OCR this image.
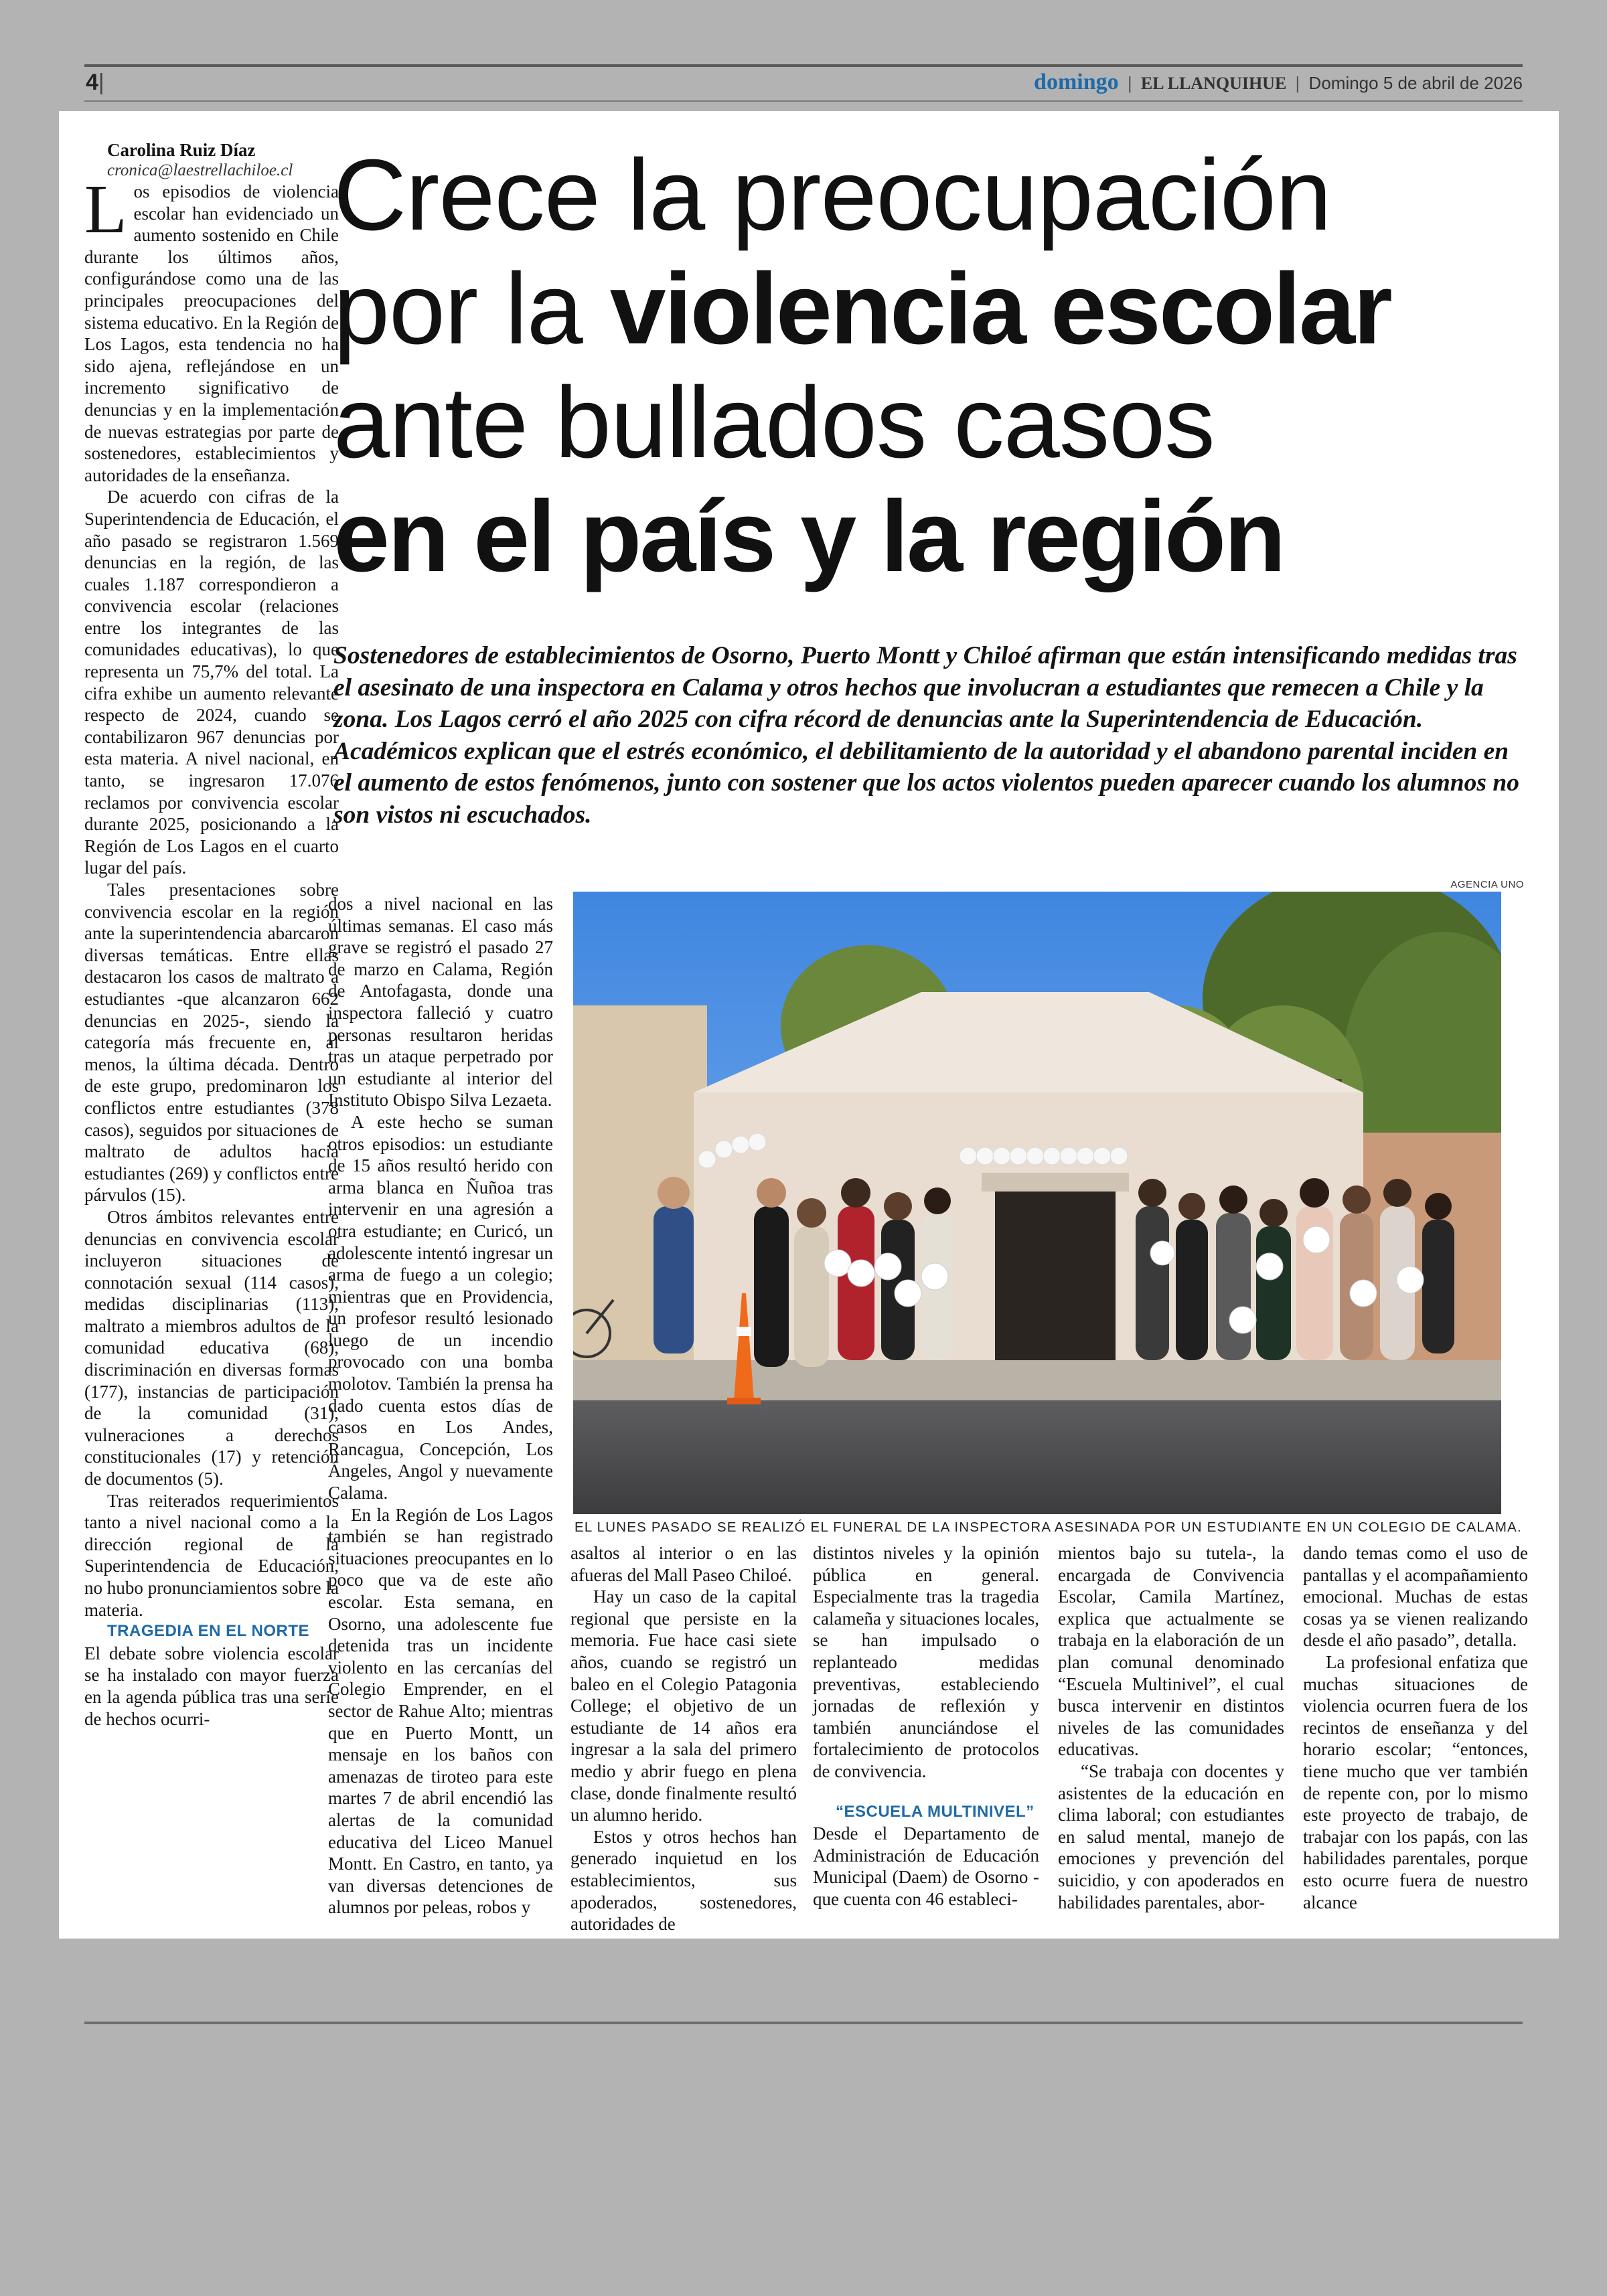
4|	domingo | EL LLANQUIHUE | Domingo 5 de abril de 2026

Carolina Ruiz Díaz

cronica@laestrellachiloe.cl

Los episodios de violencia escolar han evidenciado un aumento sostenido en Chile durante los últimos años, configurándose como una de las principales preocupaciones del sistema educativo. En la Región de Los Lagos, esta tendencia no ha sido ajena, reflejándose en un incremento significativo de denuncias y en la implementación de nuevas estrategias por parte de sostenedores, establecimientos y autoridades de la enseñanza.

De acuerdo con cifras de la Superintendencia de Educación, el año pasado se registraron 1.569 denuncias en la región, de las cuales 1.187 correspondieron a convivencia escolar (relaciones entre los integrantes de las comunidades educativas), lo que representa un 75,7% del total. La cifra exhibe un aumento relevante respecto de 2024, cuando se contabilizaron 967 denuncias por esta materia. A nivel nacional, en tanto, se ingresaron 17.076 reclamos por convivencia escolar durante 2025, posicionando a la Región de Los Lagos en el cuarto lugar del país.

Tales presentaciones sobre convivencia escolar en la región ante la superintendencia abarcaron diversas temáticas. Entre ellas destacaron los casos de maltrato a estudiantes -que alcanzaron 662 denuncias en 2025-, siendo la categoría más frecuente en, al menos, la última década. Dentro de este grupo, predominaron los conflictos entre estudiantes (378 casos), seguidos por situaciones de maltrato de adultos hacia estudiantes (269) y conflictos entre párvulos (15).

Otros ámbitos relevantes entre denuncias en convivencia escolar incluyeron situaciones de connotación sexual (114 casos), medidas disciplinarias (113), maltrato a miembros adultos de la comunidad educativa (68), discriminación en diversas formas (177), instancias de participación de la comunidad (31), vulneraciones a derechos constitucionales (17) y retención de documentos (5).

Tras reiterados requerimientos tanto a nivel nacional como a la dirección regional de la Superintendencia de Educación, no hubo pronunciamientos sobre la materia.

TRAGEDIA EN EL NORTE

El debate sobre violencia escolar se ha instalado con mayor fuerza en la agenda pública tras una serie de hechos ocurri-

Crece la preocupación
por la violencia escolar
ante bullados casos
en el país y la región
Sostenedores de establecimientos de Osorno, Puerto Montt y Chiloé afirman que están intensificando medidas tras el asesinato de una inspectora en Calama y otros hechos que involucran a estudiantes que remecen a Chile y la zona. Los Lagos cerró el año 2025 con cifra récord de denuncias ante la Superintendencia de Educación. Académicos explican que el estrés económico, el debilitamiento de la autoridad y el abandono parental inciden en el aumento de estos fenómenos, junto con sostener que los actos violentos pueden aparecer cuando los alumnos no son vistos ni escuchados.
AGENCIA UNO
EL LUNES PASADO SE REALIZÓ EL FUNERAL DE LA INSPECTORA ASESINADA POR UN ESTUDIANTE EN UN COLEGIO DE CALAMA.

dos a nivel nacional en las últimas semanas. El caso más grave se registró el pasado 27 de marzo en Calama, Región de Antofagasta, donde una inspectora falleció y cuatro personas resultaron heridas tras un ataque perpetrado por un estudiante al interior del Instituto Obispo Silva Lezaeta.

A este hecho se suman otros episodios: un estudiante de 15 años resultó herido con arma blanca en Ñuñoa tras intervenir en una agresión a otra estudiante; en Curicó, un adolescente intentó ingresar un arma de fuego a un colegio; mientras que en Providencia, un profesor resultó lesionado luego de un incendio provocado con una bomba molotov. También la prensa ha dado cuenta estos días de casos en Los Andes, Rancagua, Concepción, Los Ángeles, Angol y nuevamente Calama.

En la Región de Los Lagos también se han registrado situaciones preocupantes en lo poco que va de este año escolar. Esta semana, en Osorno, una adolescente fue detenida tras un incidente violento en las cercanías del Colegio Emprender, en el sector de Rahue Alto; mientras que en Puerto Montt, un mensaje en los baños con amenazas de tiroteo para este martes 7 de abril encendió las alertas de la comunidad educativa del Liceo Manuel Montt. En Castro, en tanto, ya van diversas detenciones de alumnos por peleas, robos y

asaltos al interior o en las afueras del Mall Paseo Chiloé.

Hay un caso de la capital regional que persiste en la memoria. Fue hace casi siete años, cuando se registró un baleo en el Colegio Patagonia College; el objetivo de un estudiante de 14 años era ingresar a la sala del primero medio y abrir fuego en plena clase, donde finalmente resultó un alumno herido.

Estos y otros hechos han generado inquietud en los establecimientos, sus apoderados, sostenedores, autoridades de

distintos niveles y la opinión pública en general. Especialmente tras la tragedia calameña y situaciones locales, se han impulsado o replanteado medidas preventivas, estableciendo jornadas de reflexión y también anunciándose el fortalecimiento de protocolos de convivencia.

“ESCUELA MULTINIVEL”

Desde el Departamento de Administración de Educación Municipal (Daem) de Osorno -que cuenta con 46 estableci-

mientos bajo su tutela-, la encargada de Convivencia Escolar, Camila Martínez, explica que actualmente se trabaja en la elaboración de un plan comunal denominado “Escuela Multinivel”, el cual busca intervenir en distintos niveles de las comunidades educativas.

“Se trabaja con docentes y asistentes de la educación en clima laboral; con estudiantes en salud mental, manejo de emociones y prevención del suicidio, y con apoderados en habilidades parentales, abor-

dando temas como el uso de pantallas y el acompañamiento emocional. Muchas de estas cosas ya se vienen realizando desde el año pasado”, detalla.

La profesional enfatiza que muchas situaciones de violencia ocurren fuera de los recintos de enseñanza y del horario escolar; “entonces, tiene mucho que ver también de repente con, por lo mismo este proyecto de trabajo, de trabajar con los papás, con las habilidades parentales, porque esto ocurre fuera de nuestro alcance
